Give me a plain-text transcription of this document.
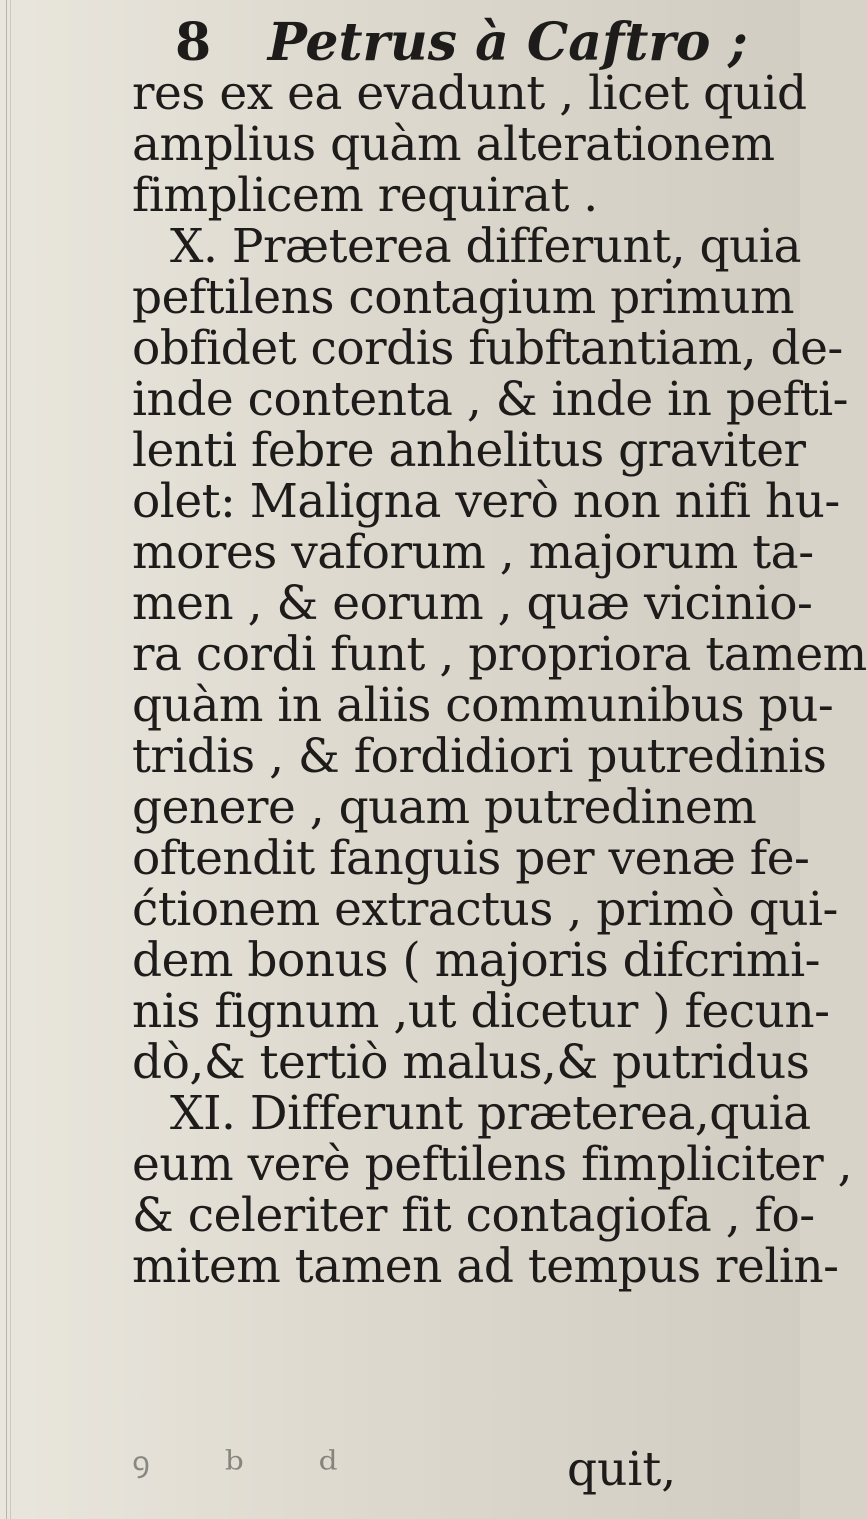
8 Petrus à Caftro ;
res ex ea evadunt , licet quid
amplius quàm alterationem
fimplicem requirat .
X. Præterea differunt, quia
peftilens contagium primum
obfidet cordis fubftantiam, de-
inde contenta , & inde in pefti-
lenti febre anhelitus graviter
olet: Maligna verò non nifi hu-
mores vaforum , majorum ta-
men , & eorum , quæ vicinio-
ra cordi funt , propriora tamem
quàm in aliis communibus pu-
tridis , & fordidiori putredinis
genere , quam putredinem
oftendit fanguis per venæ fe-
ćtionem extractus , primò qui-
dem bonus ( majoris difcrimi-
nis fignum ,ut dicetur ) fecun-
dò,& tertiò malus,& putridus
XI. Differunt præterea,quia
eum verè peftilens fimpliciter ,
& celeriter fit contagiofa , fo-
mitem tamen ad tempus relin-
ꝰ ᵇ ᵈ	quit,
